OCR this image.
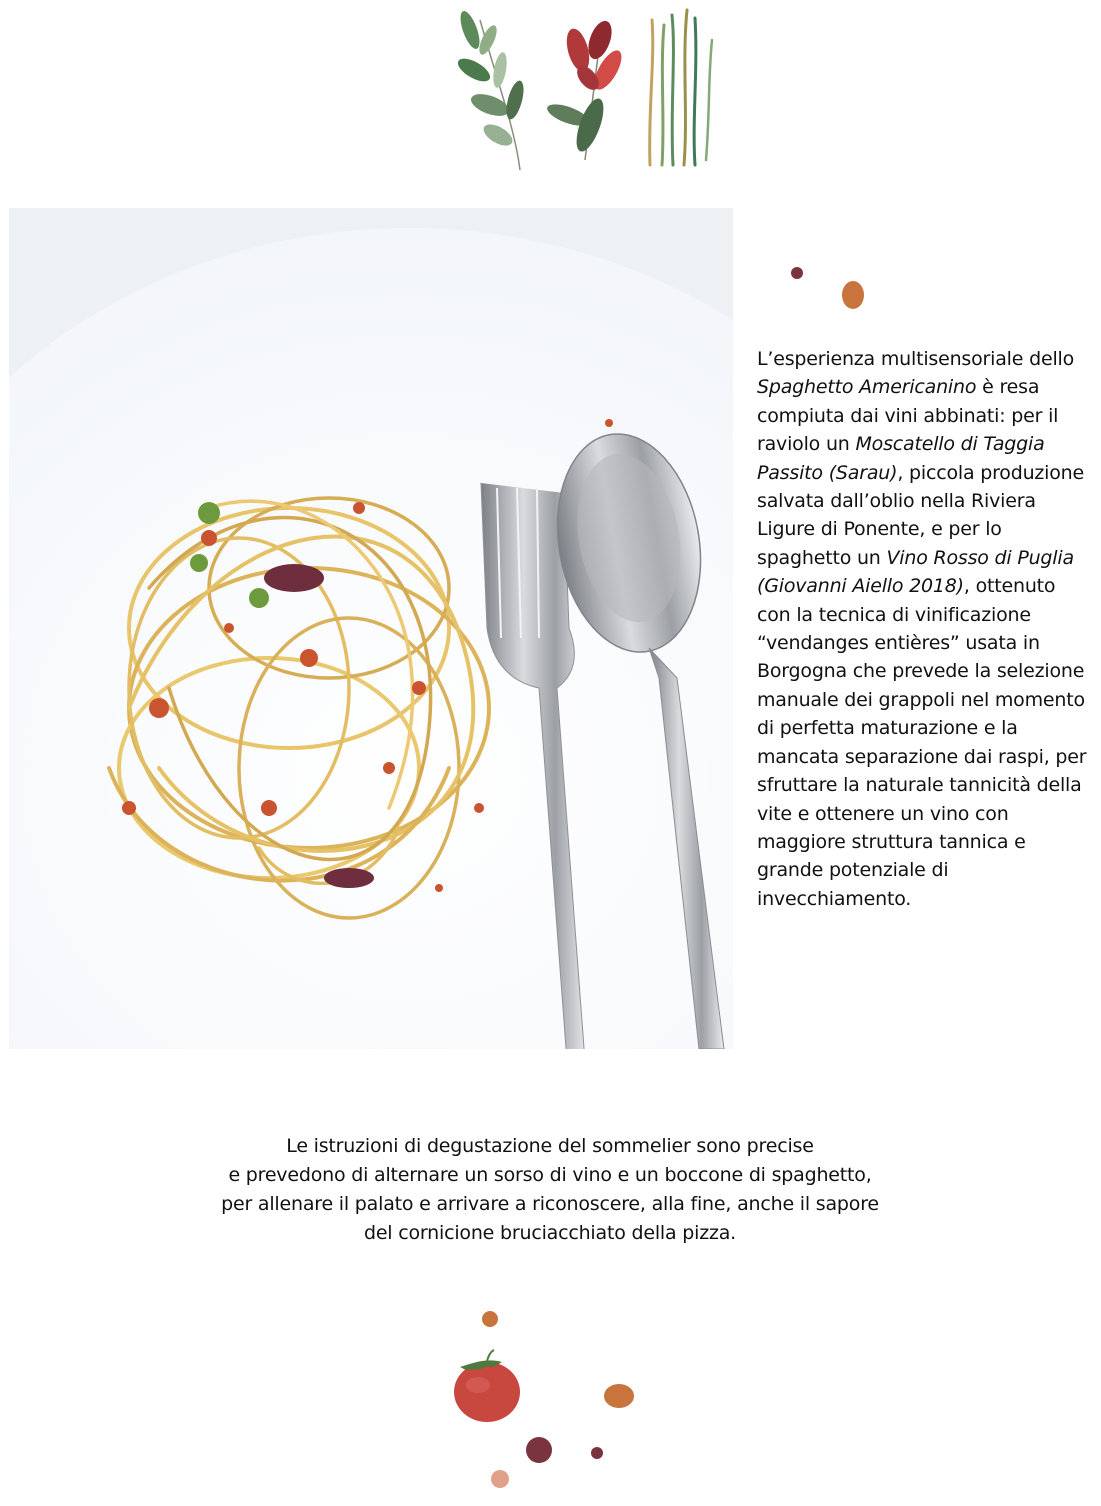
L’esperienza multisensoriale dello Spaghetto Americanino è resa compiuta dai vini abbinati: per il raviolo un Moscatello di Taggia Passito (Sarau), piccola produzione salvata dall’oblio nella Riviera Ligure di Ponente, e per lo spaghetto un Vino Rosso di Puglia (Giovanni Aiello 2018), ottenuto con la tecnica di vinificazione “vendanges entières” usata in Borgogna che prevede la selezione manuale dei grappoli nel momento di perfetta maturazione e la mancata separazione dai raspi, per sfruttare la naturale tannicità della vite e ottenere un vino con maggiore struttura tannica e grande potenziale di invecchiamento.
Le istruzioni di degustazione del sommelier sono precise
e prevedono di alternare un sorso di vino e un boccone di spaghetto,
per allenare il palato e arrivare a riconoscere, alla fine, anche il sapore
del cornicione bruciacchiato della pizza.
